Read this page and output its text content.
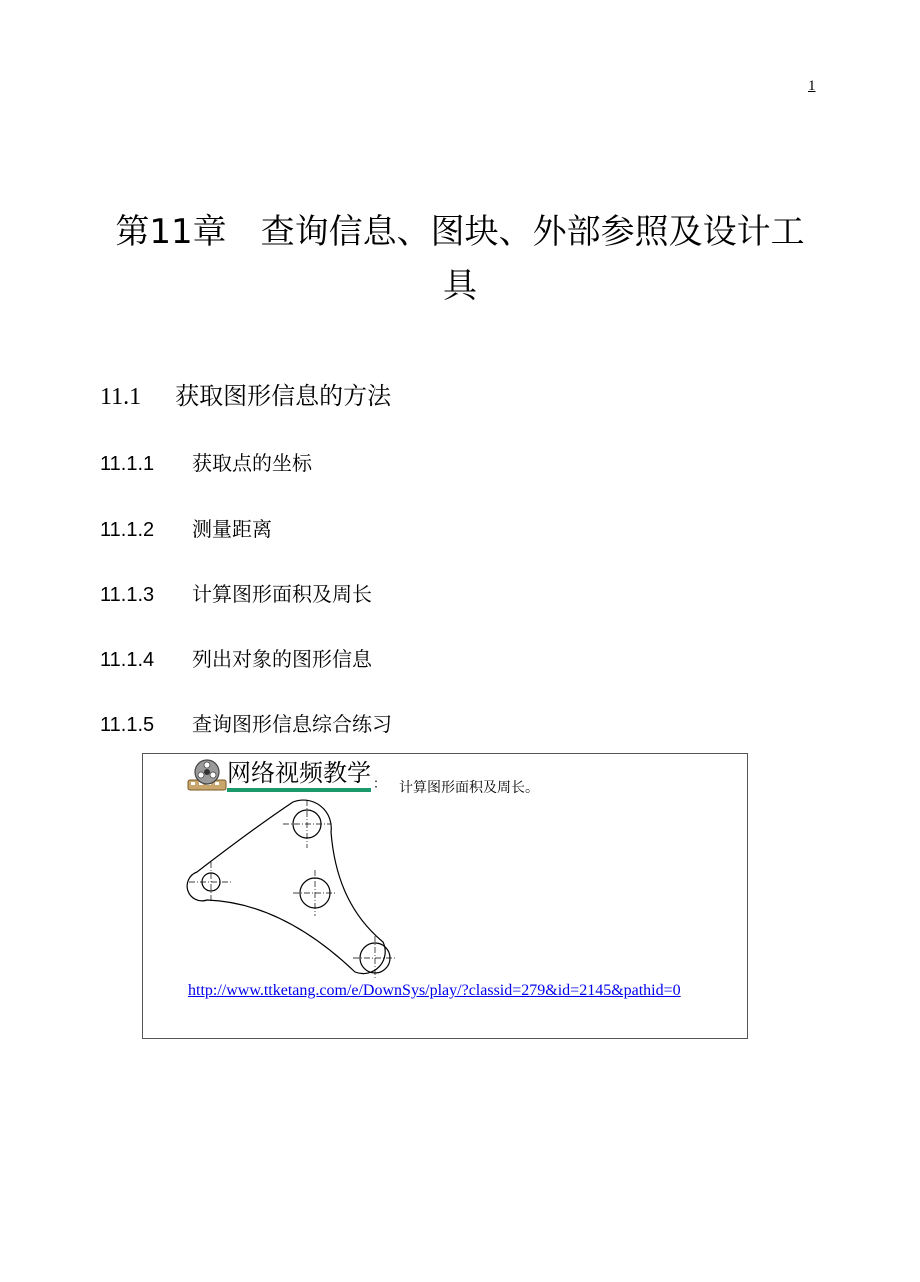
1
第11章　查询信息、图块、外部参照及设计工具
11.1 获取图形信息的方法
11.1.1 获取点的坐标
11.1.2 测量距离
11.1.3 计算图形面积及周长
11.1.4 列出对象的图形信息
11.1.5 查询图形信息综合练习
网络视频教学 ： 计算图形面积及周长。
http://www.ttketang.com/e/DownSys/play/?classid=279&id=2145&pathid=0
